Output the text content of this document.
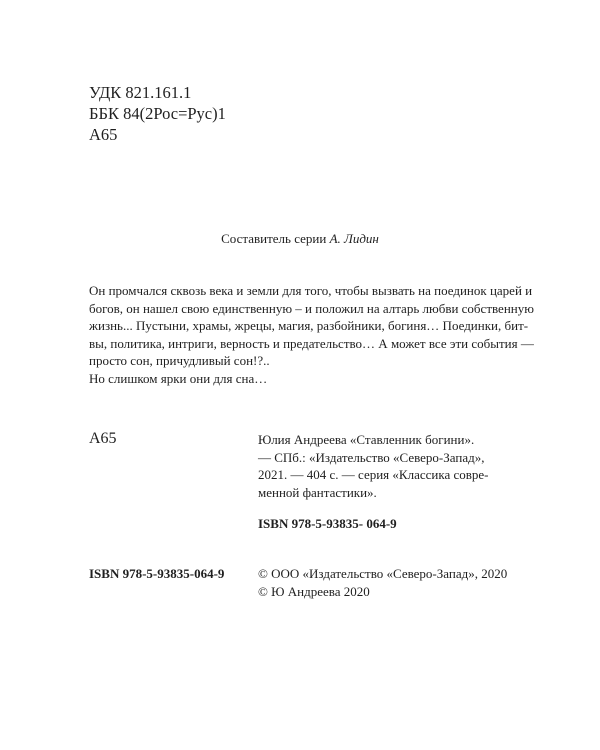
УДК 821.161.1
ББК 84(2Рос=Рус)1
А65
Составитель серии А. Лидин
Он промчался сквозь века и земли для того, чтобы вызвать на поединок царей и
богов, он нашел свою единственную – и положил на алтарь любви собственную
жизнь... Пустыни, храмы, жрецы, магия, разбойники, богиня… Поединки, бит-
вы, политика, интриги, верность и предательство… А может все эти события —
просто сон, причудливый сон!?..
Но слишком ярки они для сна…
А65	Юлия Андреева «Ставленник богини».
— СПб.: «Издательство «Северо-Запад»,
2021. — 404 с. — серия «Классика совре-
менной фантастики».
ISBN 978-5-93835- 064-9
ISBN 978-5-93835-064-9	© ООО «Издательство «Северо-Запад», 2020
© Ю Андреева 2020
